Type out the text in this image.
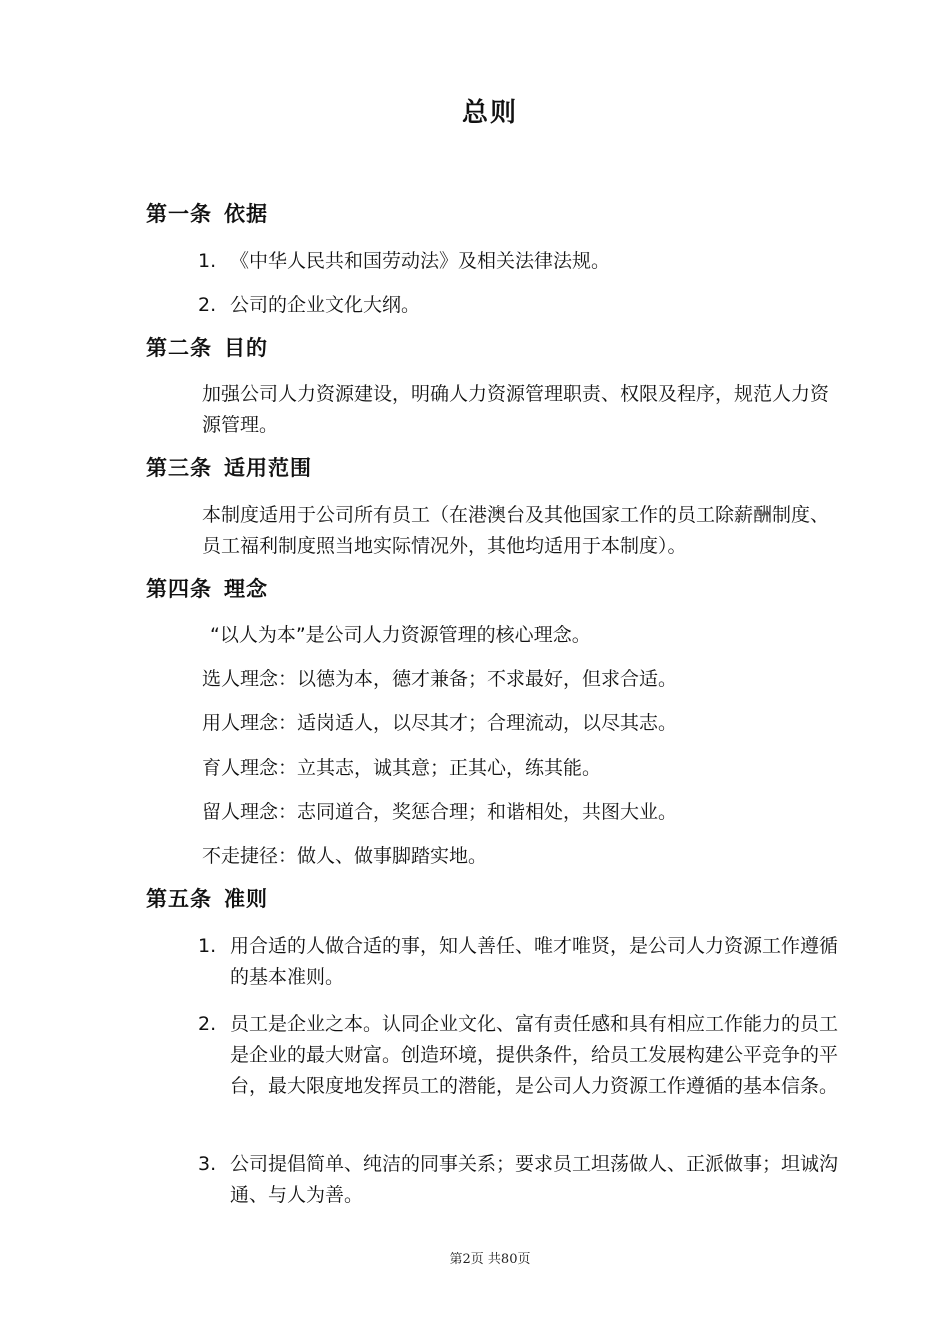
总则
第一条 依据
1. 《中华人民共和国劳动法》及相关法律法规。
2. 公司的企业文化大纲。
第二条 目的
加强公司人力资源建设，明确人力资源管理职责、权限及程序，规范人力资源管理。
第三条 适用范围
本制度适用于公司所有员工（在港澳台及其他国家工作的员工除薪酬制度、员工福利制度照当地实际情况外，其他均适用于本制度）。
第四条 理念
“以人为本”是公司人力资源管理的核心理念。
选人理念：以德为本，德才兼备；不求最好，但求合适。
用人理念：适岗适人，以尽其才；合理流动，以尽其志。
育人理念：立其志，诚其意；正其心，练其能。
留人理念：志同道合，奖惩合理；和谐相处，共图大业。
不走捷径：做人、做事脚踏实地。
第五条 准则
1. 用合适的人做合适的事，知人善任、唯才唯贤，是公司人力资源工作遵循的基本准则。
2. 员工是企业之本。认同企业文化、富有责任感和具有相应工作能力的员工是企业的最大财富。创造环境，提供条件，给员工发展构建公平竞争的平台，最大限度地发挥员工的潜能，是公司人力资源工作遵循的基本信条。
3. 公司提倡简单、纯洁的同事关系；要求员工坦荡做人、正派做事；坦诚沟通、与人为善。
第2页 共80页
